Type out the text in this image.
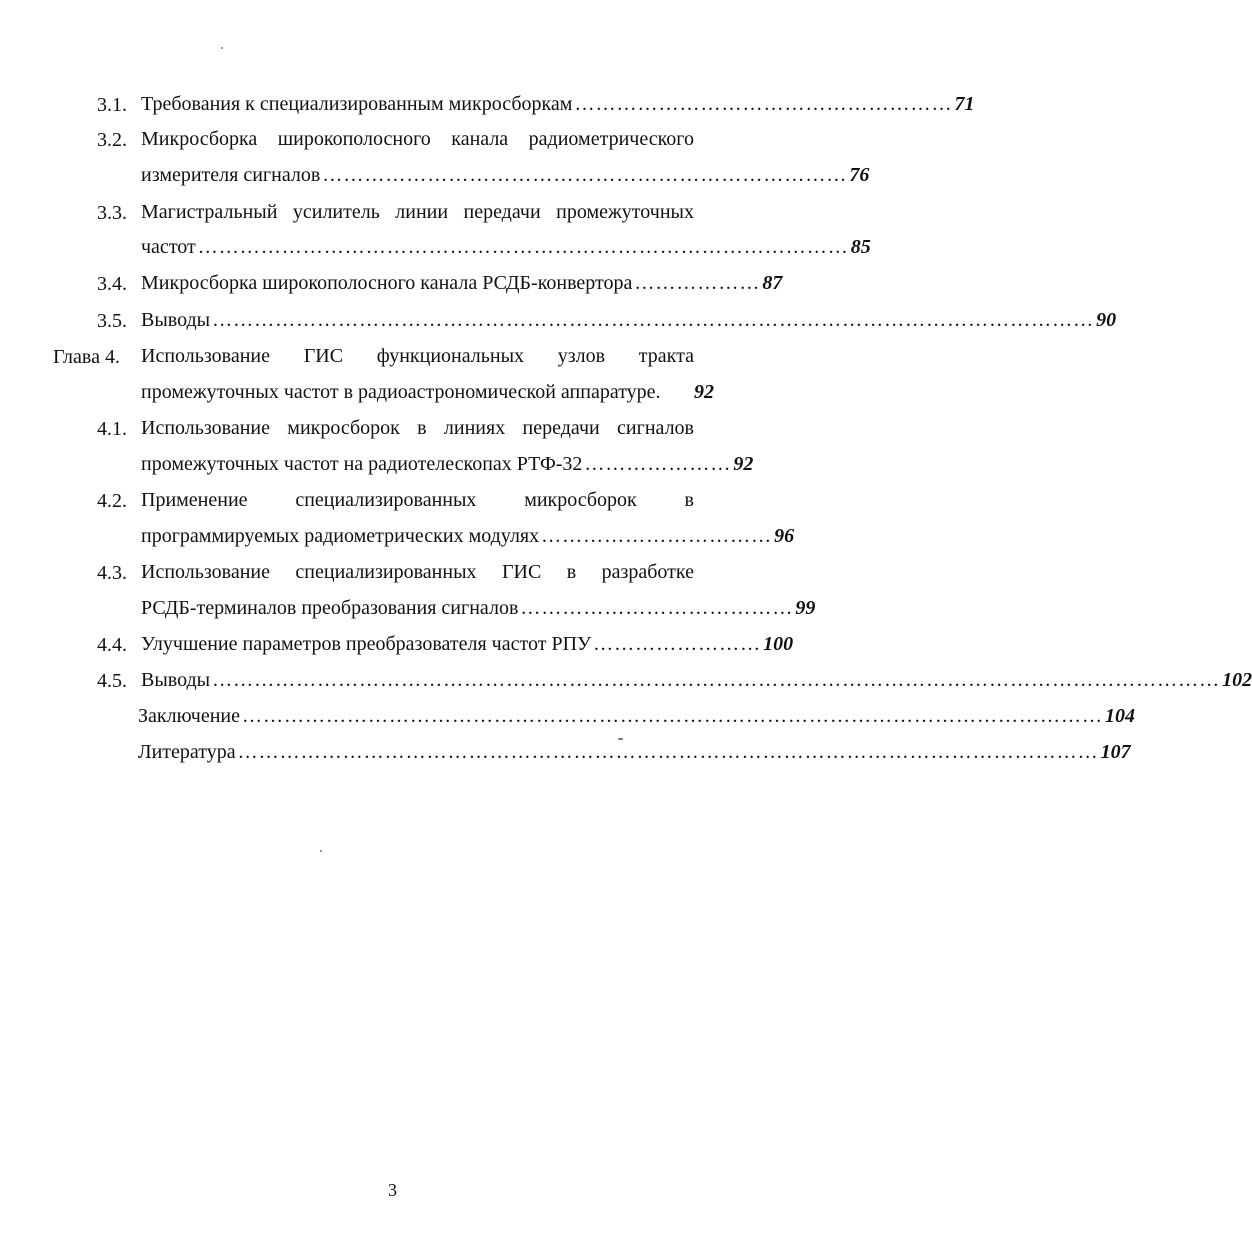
3.1. Требования к специализированным микросборкам ……………………………………………… 71
3.2. Микросборка широкополосного канала радиометрического
измерителя сигналов ………………………………………………………………… 76
3.3. Магистральный усилитель линии передачи промежуточных
частот ………………………………………………………………………………… 85
3.4. Микросборка широкополосного канала РСДБ-конвертора ……………… 87
3.5. Выводы ……………………………………………………………………………………………………………… 90
Глава 4. Использование ГИС функциональных узлов тракта
промежуточных частот в радиоастрономической аппаратуре. 92
4.1. Использование микросборок в линиях передачи сигналов
промежуточных частот на радиотелескопах РТФ-32 ………………… 92
4.2. Применение специализированных микросборок в
программируемых радиометрических модулях …………………………… 96
4.3. Использование специализированных ГИС в разработке
РСДБ-терминалов преобразования сигналов ………………………………… 99
4.4. Улучшение параметров преобразователя частот РПУ …………………… 100
4.5. Выводы ……………………………………………………………………………………………………………………………… 102
Заключение …………………………………………………………………………………………………………… 104
Литература …………………………………………………………………………………………………………… 107
3
